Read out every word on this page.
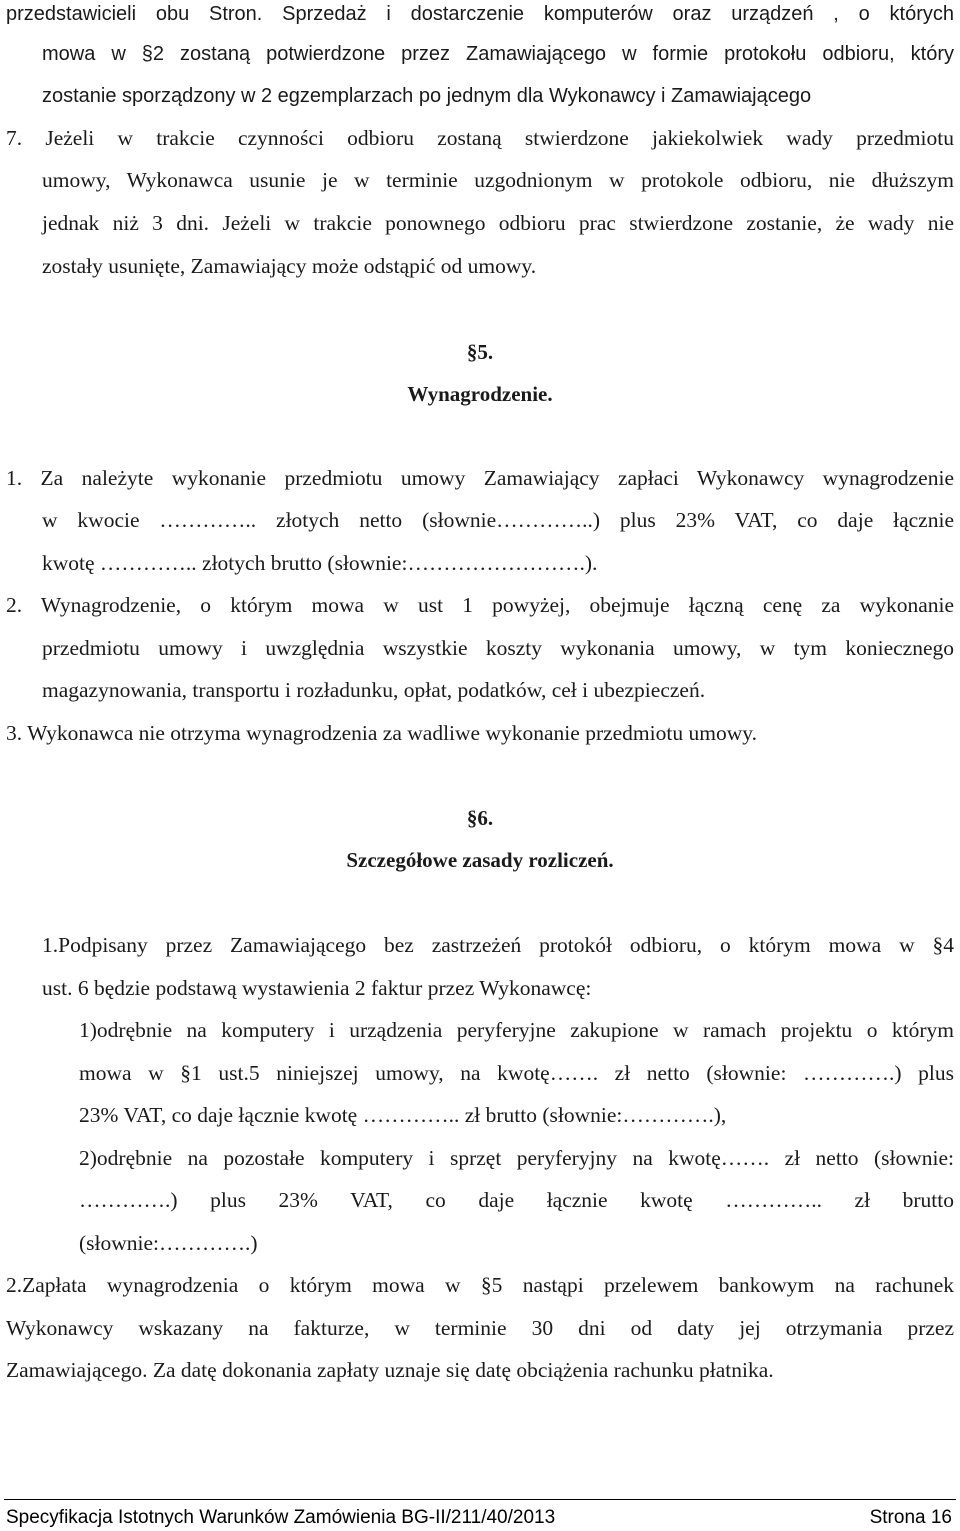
przedstawicieli obu Stron. Sprzedaż i dostarczenie komputerów oraz urządzeń , o których
mowa w §2 zostaną potwierdzone przez Zamawiającego w formie protokołu odbioru, który
zostanie sporządzony w 2 egzemplarzach po jednym dla Wykonawcy i Zamawiającego
7. Jeżeli w trakcie czynności odbioru zostaną stwierdzone jakiekolwiek wady przedmiotu
umowy, Wykonawca usunie je w terminie uzgodnionym w protokole odbioru, nie dłuższym
jednak niż 3 dni. Jeżeli w trakcie ponownego odbioru prac stwierdzone zostanie, że wady nie
zostały usunięte, Zamawiający może odstąpić od umowy.
§5.
Wynagrodzenie.
1. Za należyte wykonanie przedmiotu umowy Zamawiający zapłaci Wykonawcy wynagrodzenie
w kwocie ………….. złotych netto (słownie…………..) plus 23% VAT, co daje łącznie
kwotę ………….. złotych brutto (słownie:…………………….).
2. Wynagrodzenie, o którym mowa w ust 1 powyżej, obejmuje łączną cenę za wykonanie
przedmiotu umowy i uwzględnia wszystkie koszty wykonania umowy, w tym koniecznego
magazynowania, transportu i rozładunku, opłat, podatków, ceł i ubezpieczeń.
3. Wykonawca nie otrzyma wynagrodzenia za wadliwe wykonanie przedmiotu umowy.
§6.
Szczegółowe zasady rozliczeń.
1.Podpisany przez Zamawiającego bez zastrzeżeń protokół odbioru, o którym mowa w §4
ust. 6 będzie podstawą wystawienia 2 faktur przez Wykonawcę:
1)odrębnie na komputery i urządzenia peryferyjne zakupione w ramach projektu o którym
mowa w §1 ust.5 niniejszej umowy, na kwotę……. zł netto (słownie: ………….) plus
23% VAT, co daje łącznie kwotę ………….. zł brutto (słownie:………….),
2)odrębnie na pozostałe komputery i sprzęt peryferyjny na kwotę……. zł netto (słownie:
………….) plus 23% VAT, co daje łącznie kwotę ………….. zł brutto
(słownie:………….)
2.Zapłata wynagrodzenia o którym mowa w §5 nastąpi przelewem bankowym na rachunek
Wykonawcy wskazany na fakturze, w terminie 30 dni od daty jej otrzymania przez
Zamawiającego. Za datę dokonania zapłaty uznaje się datę obciążenia rachunku płatnika.
Specyfikacja Istotnych Warunków Zamówienia BG-II/211/40/2013	Strona 16
